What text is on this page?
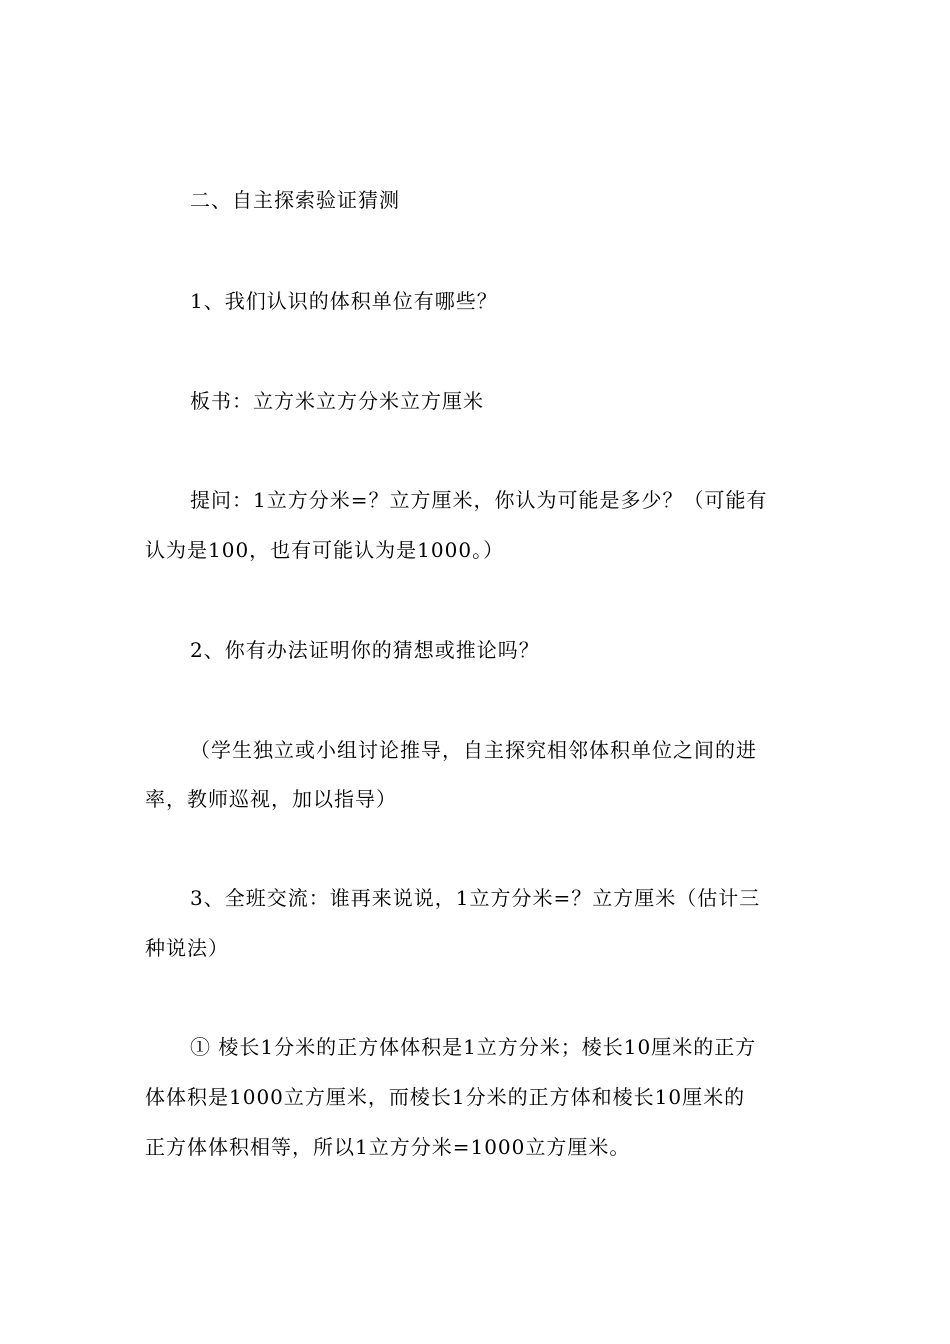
二、自主探索验证猜测
1、我们认识的体积单位有哪些？
板书：立方米立方分米立方厘米
提问：1立方分米=？立方厘米，你认为可能是多少？（可能有
认为是100，也有可能认为是1000。）
2、你有办法证明你的猜想或推论吗？
（学生独立或小组讨论推导，自主探究相邻体积单位之间的进
率，教师巡视，加以指导）
3、全班交流：谁再来说说，1立方分米=？立方厘米（估计三
种说法）
① 棱长1分米的正方体体积是1立方分米；棱长10厘米的正方
体体积是1000立方厘米，而棱长1分米的正方体和棱长10厘米的
正方体体积相等，所以1立方分米=1000立方厘米。
